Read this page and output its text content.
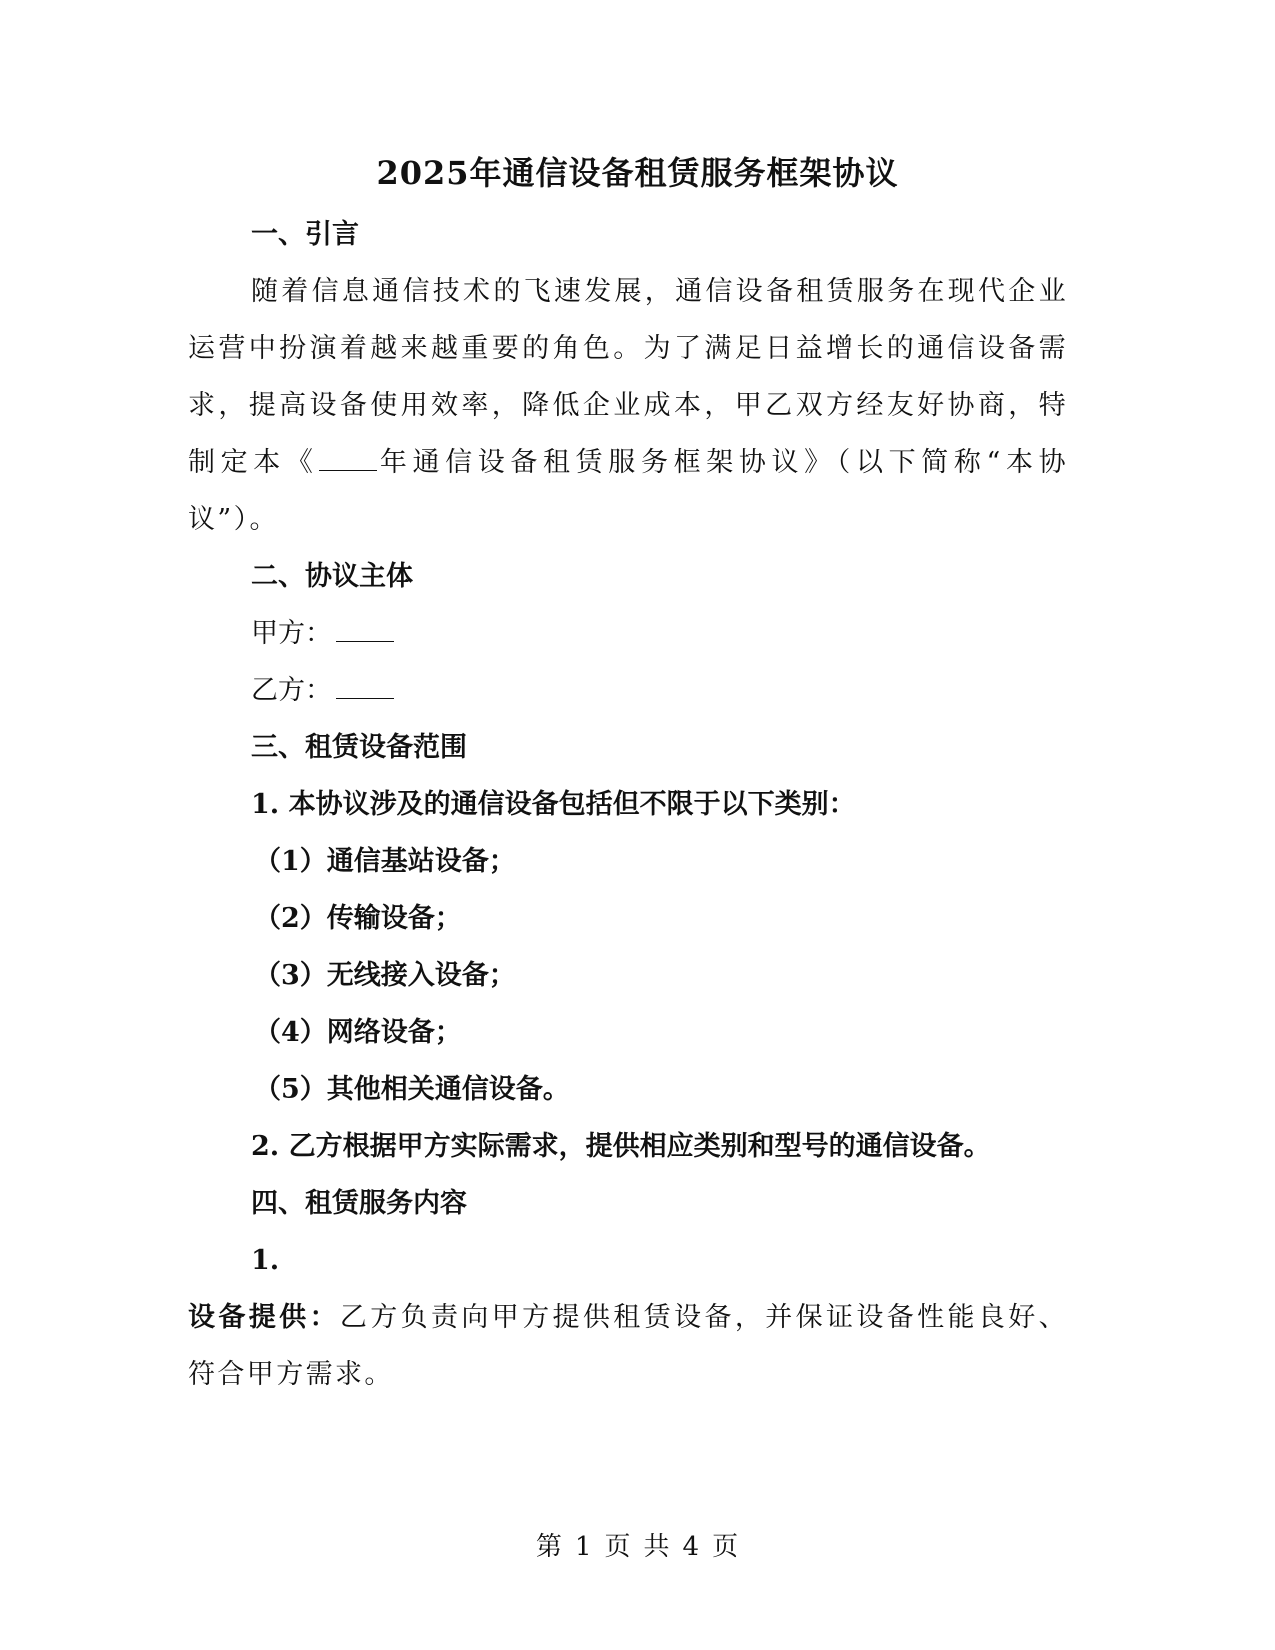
2025年通信设备租赁服务框架协议

一、引言

随着信息通信技术的飞速发展，通信设备租赁服务在现代企业运营中扮演着越来越重要的角色。为了满足日益增长的通信设备需求，提高设备使用效率，降低企业成本，甲乙双方经友好协商，特制定本《 年通信设备租赁服务框架协议》（以下简称“本协议”）。

二、协议主体

甲方：

乙方：

三、租赁设备范围

1. 本协议涉及的通信设备包括但不限于以下类别：

（1）通信基站设备；

（2）传输设备；

（3）无线接入设备；

（4）网络设备；

（5）其他相关通信设备。

2. 乙方根据甲方实际需求，提供相应类别和型号的通信设备。

四、租赁服务内容

1.

设备提供：乙方负责向甲方提供租赁设备，并保证设备性能良好、符合甲方需求。

第 1 页 共 4 页
